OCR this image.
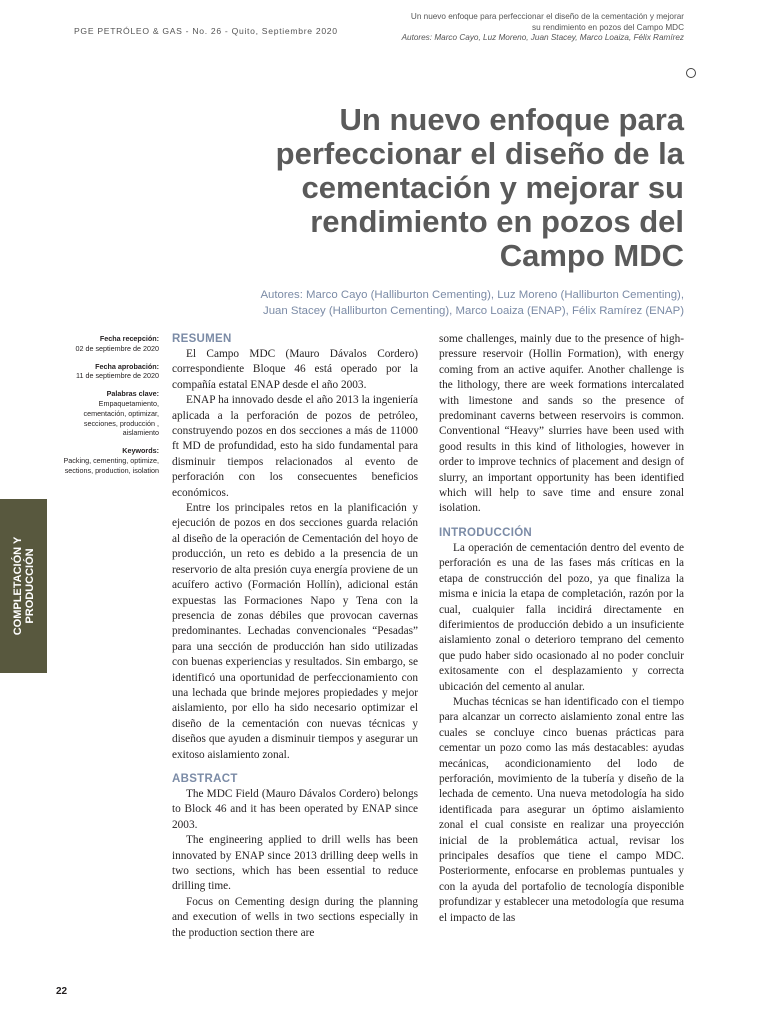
PGE PETRÓLEO & GAS - No. 26 - Quito, Septiembre 2020
Un nuevo enfoque para perfeccionar el diseño de la cementación y mejorar
su rendimiento en pozos del Campo MDC
Autores: Marco Cayo, Luz Moreno, Juan Stacey, Marco Loaiza, Félix Ramírez
Un nuevo enfoque para
perfeccionar el diseño de la
cementación y mejorar su
rendimiento en pozos del
Campo MDC
Autores: Marco Cayo (Halliburton Cementing), Luz Moreno (Halliburton Cementing),
Juan Stacey (Halliburton Cementing), Marco Loaiza (ENAP), Félix Ramírez (ENAP)
Fecha recepción:
02 de septiembre de 2020
Fecha aprobación:
11 de septiembre de 2020
Palabras clave:
Empaquetamiento, cementación, optimizar, secciones, producción , aislamiento
Keywords:
Packing, cementing, optimize, sections, production, isolation
COMPLETACIÓN Y
PRODUCCIÓN
RESUMEN

El Campo MDC (Mauro Dávalos Cordero) correspondiente Bloque 46 está operado por la compañía estatal ENAP desde el año 2003.

ENAP ha innovado desde el año 2013 la ingeniería aplicada a la perforación de pozos de petróleo, construyendo pozos en dos secciones a más de 11000 ft MD de profundidad, esto ha sido fundamental para disminuir tiempos relacionados al evento de perforación con los consecuentes beneficios económicos.

Entre los principales retos en la planificación y ejecución de pozos en dos secciones guarda relación al diseño de la operación de Cementación del hoyo de producción, un reto es debido a la presencia de un reservorio de alta presión cuya energía proviene de un acuífero activo (Formación Hollín), adicional están expuestas las Formaciones Napo y Tena con la presencia de zonas débiles que provocan cavernas predominantes. Lechadas convencionales “Pesadas” para una sección de producción han sido utilizadas con buenas experiencias y resultados. Sin embargo, se identificó una oportunidad de perfeccionamiento con una lechada que brinde mejores propiedades y mejor aislamiento, por ello ha sido necesario optimizar el diseño de la cementación con nuevas técnicas y diseños que ayuden a disminuir tiempos y asegurar un exitoso aislamiento zonal.

ABSTRACT

The MDC Field (Mauro Dávalos Cordero) belongs to Block 46 and it has been operated by ENAP since 2003.

The engineering applied to drill wells has been innovated by ENAP since 2013 drilling deep wells in two sections, which has been essential to reduce drilling time.

Focus on Cementing design during the planning and execution of wells in two sections especially in the production section there are

some challenges, mainly due to the presence of high-pressure reservoir (Hollin Formation), with energy coming from an active aquifer. Another challenge is the lithology, there are week formations intercalated with limestone and sands so the presence of predominant caverns between reservoirs is common. Conventional “Heavy” slurries have been used with good results in this kind of lithologies, however in order to improve technics of placement and design of slurry, an important opportunity has been identified which will help to save time and ensure zonal isolation.

INTRODUCCIÓN

La operación de cementación dentro del evento de perforación es una de las fases más críticas en la etapa de construcción del pozo, ya que finaliza la misma e inicia la etapa de completación, razón por la cual, cualquier falla incidirá directamente en diferimientos de producción debido a un insuficiente aislamiento zonal o deterioro temprano del cemento que pudo haber sido ocasionado al no poder concluir exitosamente con el desplazamiento y correcta ubicación del cemento al anular.

Muchas técnicas se han identificado con el tiempo para alcanzar un correcto aislamiento zonal entre las cuales se concluye cinco buenas prácticas para cementar un pozo como las más destacables: ayudas mecánicas, acondicionamiento del lodo de perforación, movimiento de la tubería y diseño de la lechada de cemento. Una nueva metodología ha sido identificada para asegurar un óptimo aislamiento zonal el cual consiste en realizar una proyección inicial de la problemática actual, revisar los principales desafíos que tiene el campo MDC. Posteriormente, enfocarse en problemas puntuales y con la ayuda del portafolio de tecnología disponible profundizar y establecer una metodología que resuma el impacto de las

22
